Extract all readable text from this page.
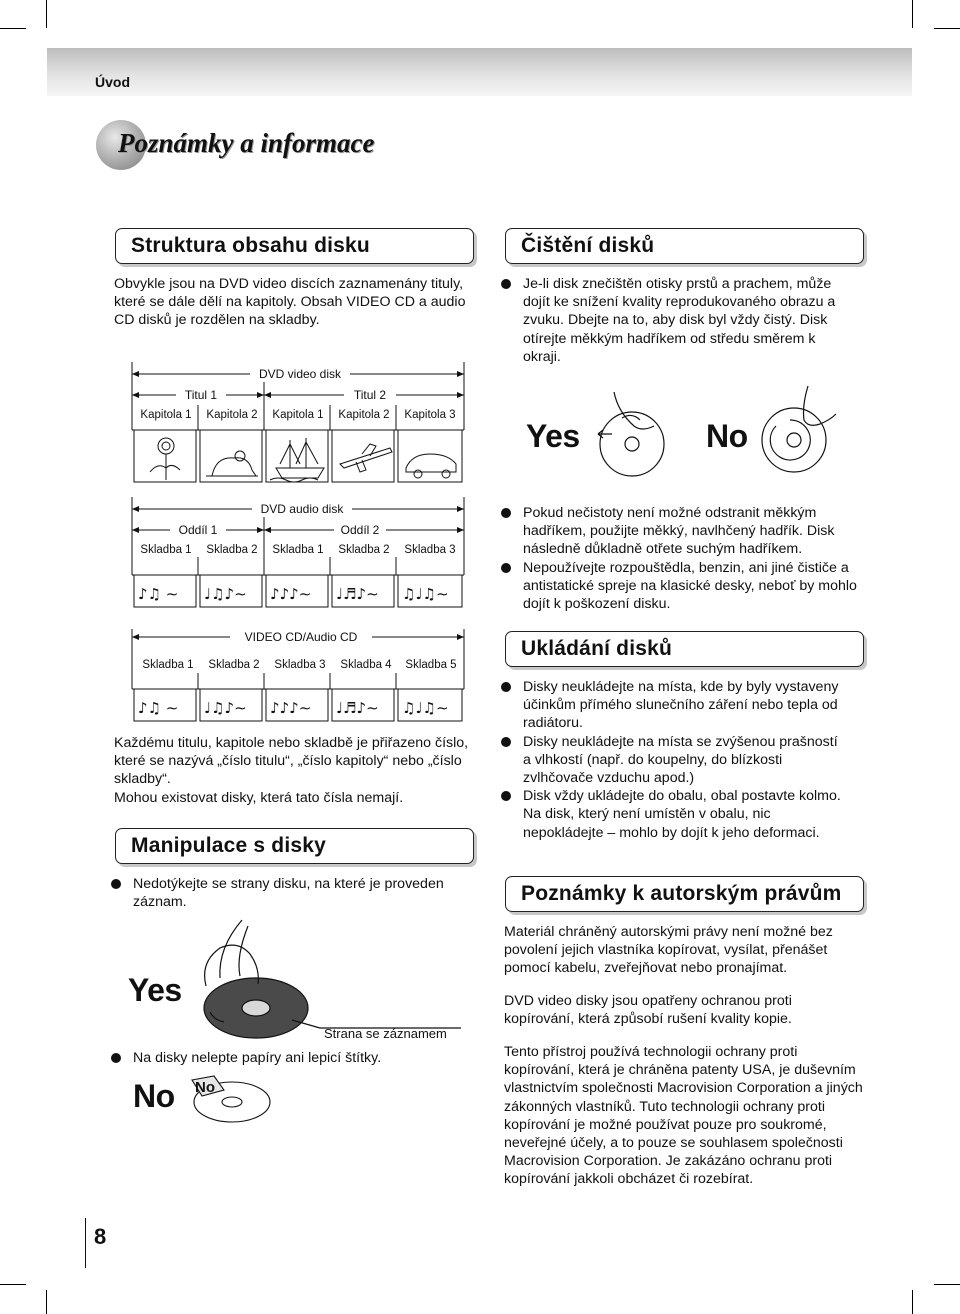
Úvod
Poznámky a informace
Struktura obsahu disku
Obvykle jsou na DVD video discích zaznamenány tituly, které se dále dělí na kapitoly. Obsah VIDEO CD a audio CD disků je rozdělen na skladby.
DVD video disk
Titul 1	Titul 2
Kapitola 1 Kapitola 2 Kapitola 1 Kapitola 2 Kapitola 3
♪♫ ∼ ♩♫♪∼ ♪♪♪∼ ♩♬♪∼ ♫♩♫∼
DVD audio disk
Oddíl 1	Oddíl 2
Skladba 1 Skladba 2 Skladba 1 Skladba 2 Skladba 3
♪♫ ∼ ♩♫♪∼ ♪♪♪∼ ♩♬♪∼ ♫♩♫∼
VIDEO CD/Audio CD
Skladba 1 Skladba 2 Skladba 3 Skladba 4 Skladba 5
Každému titulu, kapitole nebo skladbě je přiřazeno číslo, které se nazývá „číslo titulu“, „číslo kapitoly“ nebo „číslo skladby“.
Mohou existovat disky, která tato čísla nemají.
Manipulace s disky
Nedotýkejte se strany disku, na které je proveden záznam.
Yes
Strana se záznamem
Na disky nelepte papíry ani lepicí štítky.
No No
Čištění disků
Je-li disk znečištěn otisky prstů a prachem, může dojít ke snížení kvality reprodukovaného obrazu a zvuku. Dbejte na to, aby disk byl vždy čistý. Disk otírejte měkkým hadříkem od středu směrem k okraji.
Yes	No
Pokud nečistoty není možné odstranit měkkým hadříkem, použijte měkký, navlhčený hadřík. Disk následně důkladně otřete suchým hadříkem.
Nepoužívejte rozpouštědla, benzin, ani jiné čističe a antistatické spreje na klasické desky, neboť by mohlo dojít k poškození disku.
Ukládání disků
Disky neukládejte na místa, kde by byly vystaveny účinkům přímého slunečního záření nebo tepla od radiátoru.
Disky neukládejte na místa se zvýšenou prašností a vlhkostí (např. do koupelny, do blízkosti zvlhčovače vzduchu apod.)
Disk vždy ukládejte do obalu, obal postavte kolmo. Na disk, který není umístěn v obalu, nic nepokládejte – mohlo by dojít k jeho deformaci.
Poznámky k autorským právům
Materiál chráněný autorskými právy není možné bez povolení jejich vlastníka kopírovat, vysílat, přenášet pomocí kabelu, zveřejňovat nebo pronajímat.
DVD video disky jsou opatřeny ochranou proti kopírování, která způsobí rušení kvality kopie.
Tento přístroj používá technologii ochrany proti kopírování, která je chráněna patenty USA, je duševním vlastnictvím společnosti Macrovision Corporation a jiných zákonných vlastníků. Tuto technologii ochrany proti kopírování je možné používat pouze pro soukromé, neveřejné účely, a to pouze se souhlasem společnosti Macrovision Corporation. Je zakázáno ochranu proti kopírování jakkoli obcházet či rozebírat.
8
